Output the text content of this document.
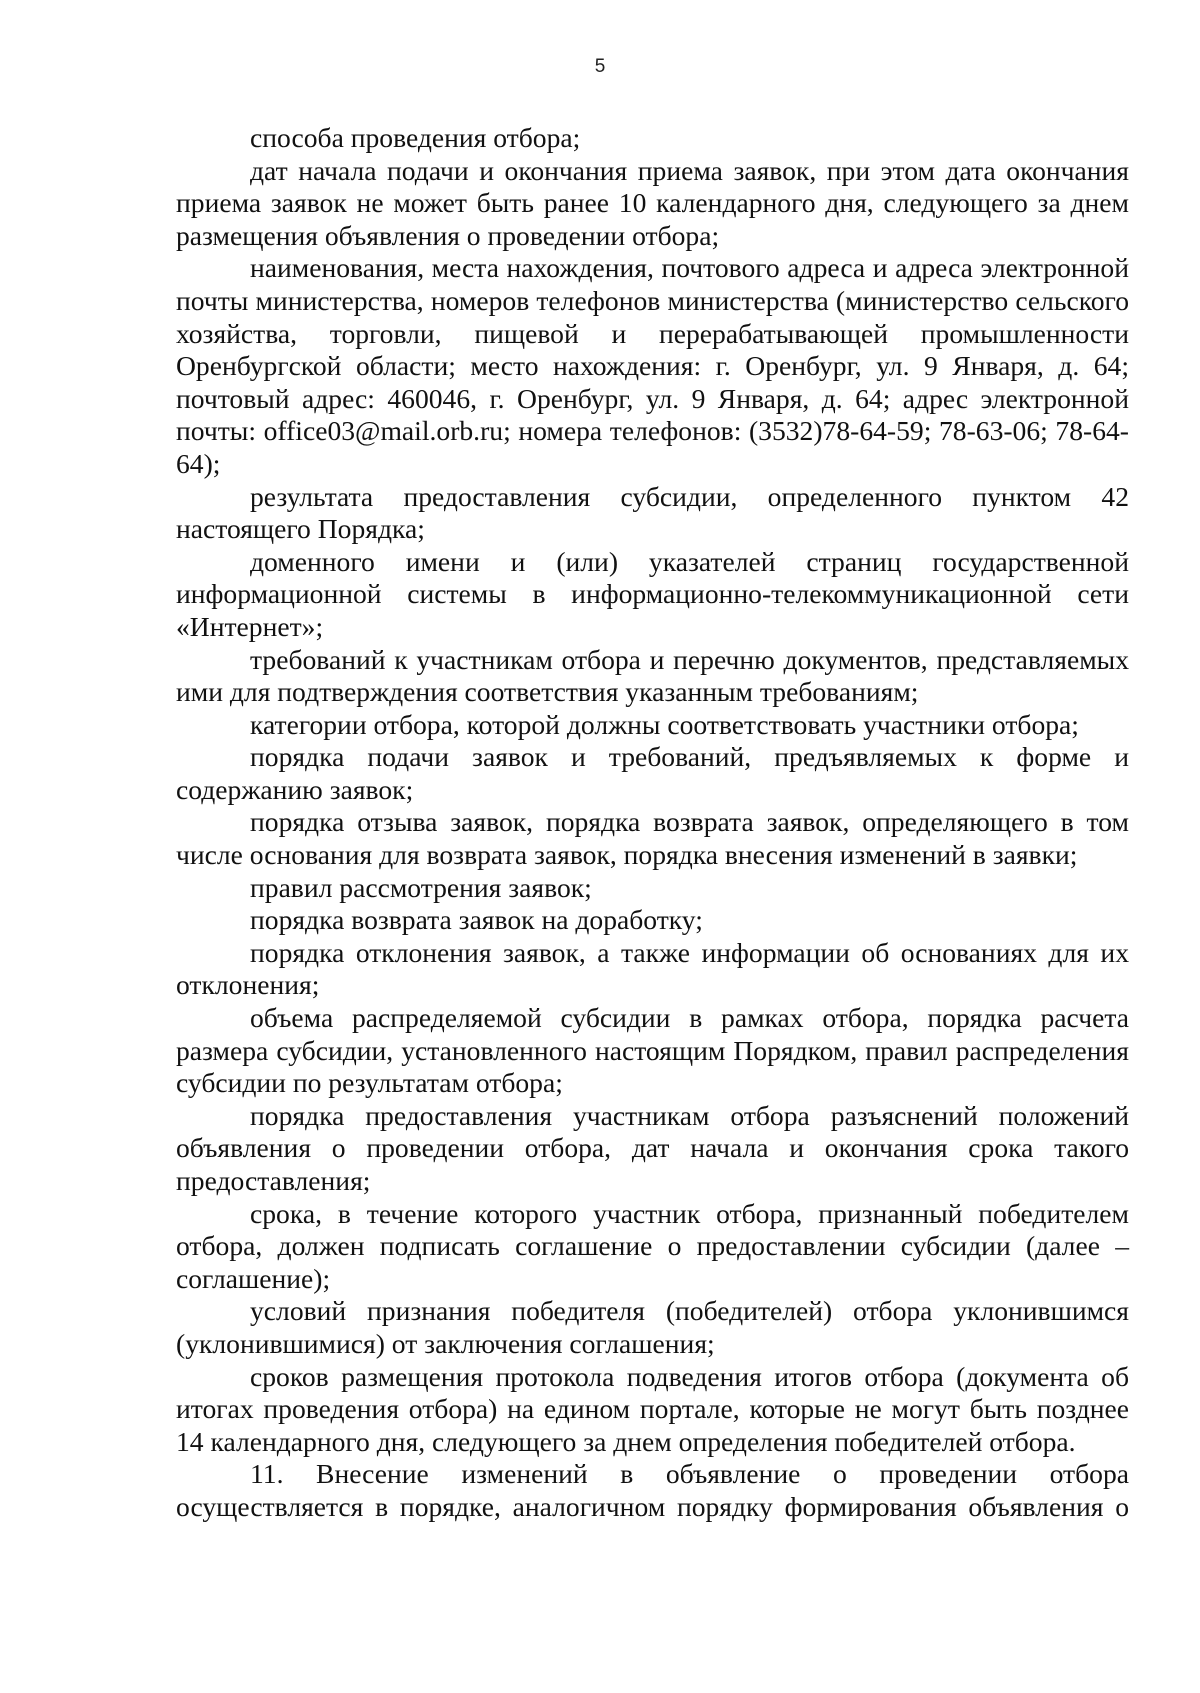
5

способа проведения отбора;

дат начала подачи и окончания приема заявок, при этом дата окончания приема заявок не может быть ранее 10 календарного дня, следующего за днем размещения объявления о проведении отбора;

наименования, места нахождения, почтового адреса и адреса электронной почты министерства, номеров телефонов министерства (министерство сельского хозяйства, торговли, пищевой и перерабатывающей промышленности Оренбургской области; место нахождения: г. Оренбург, ул. 9 Января, д. 64; почтовый адрес: 460046, г. Оренбург, ул. 9 Января, д. 64; адрес электронной почты: office03@mail.orb.ru; номера телефонов: (3532)78-64-59; 78-63-06; 78-64-64);

результата предоставления субсидии, определенного пунктом 42 настоящего Порядка;

доменного имени и (или) указателей страниц государственной информационной системы в информационно-телекоммуникационной сети «Интернет»;

требований к участникам отбора и перечню документов, представляемых ими для подтверждения соответствия указанным требованиям;

категории отбора, которой должны соответствовать участники отбора;

порядка подачи заявок и требований, предъявляемых к форме и содержанию заявок;

порядка отзыва заявок, порядка возврата заявок, определяющего в том числе основания для возврата заявок, порядка внесения изменений в заявки;

правил рассмотрения заявок;

порядка возврата заявок на доработку;

порядка отклонения заявок, а также информации об основаниях для их отклонения;

объема распределяемой субсидии в рамках отбора, порядка расчета размера субсидии, установленного настоящим Порядком, правил распределения субсидии по результатам отбора;

порядка предоставления участникам отбора разъяснений положений объявления о проведении отбора, дат начала и окончания срока такого предоставления;

срока, в течение которого участник отбора, признанный победителем отбора, должен подписать соглашение о предоставлении субсидии (далее – соглашение);

условий признания победителя (победителей) отбора уклонившимся (уклонившимися) от заключения соглашения;

сроков размещения протокола подведения итогов отбора (документа об итогах проведения отбора) на едином портале, которые не могут быть позднее 14 календарного дня, следующего за днем определения победителей отбора.

11. Внесение изменений в объявление о проведении отбора осуществляется в порядке, аналогичном порядку формирования объявления о
